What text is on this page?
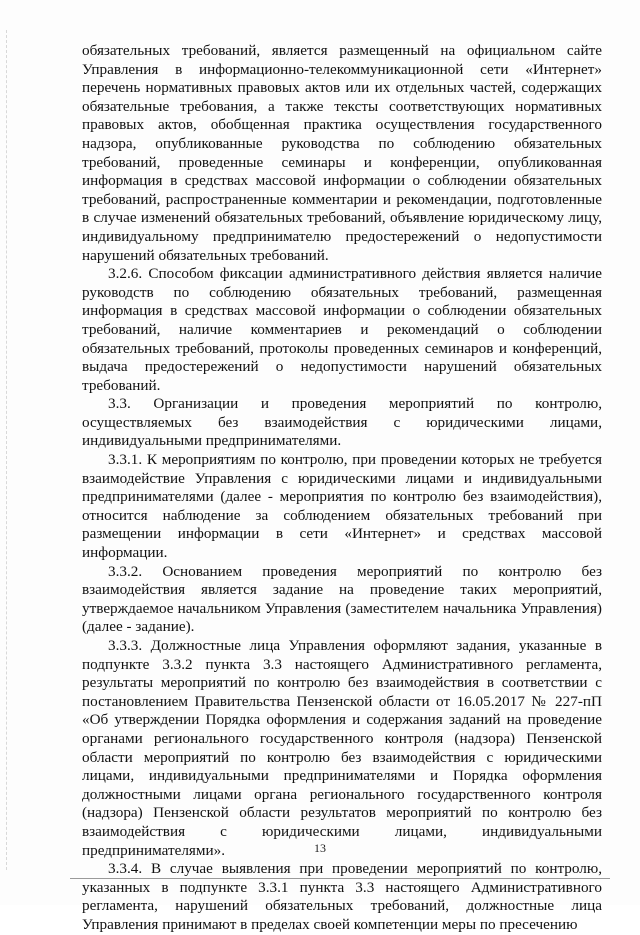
обязательных требований, является размещенный на официальном сайте Управления в информационно-телекоммуникационной сети «Интернет» перечень нормативных правовых актов или их отдельных частей, содержащих обязательные требования, а также тексты соответствующих нормативных правовых актов, обобщенная практика осуществления государственного надзора, опубликованные руководства по соблюдению обязательных требований, проведенные семинары и конференции, опубликованная информация в средствах массовой информации о соблюдении обязательных требований, распространенные комментарии и рекомендации, подготовленные в случае изменений обязательных требований, объявление юридическому лицу, индивидуальному предпринимателю предостережений о недопустимости нарушений обязательных требований.

3.2.6. Способом фиксации административного действия является наличие руководств по соблюдению обязательных требований, размещенная информация в средствах массовой информации о соблюдении обязательных требований, наличие комментариев и рекомендаций о соблюдении обязательных требований, протоколы проведенных семинаров и конференций, выдача предостережений о недопустимости нарушений обязательных требований.

3.3. Организации и проведения мероприятий по контролю, осуществляемых без взаимодействия с юридическими лицами, индивидуальными предпринимателями.

3.3.1. К мероприятиям по контролю, при проведении которых не требуется взаимодействие Управления с юридическими лицами и индивидуальными предпринимателями (далее - мероприятия по контролю без взаимодействия), относится наблюдение за соблюдением обязательных требований при размещении информации в сети «Интернет» и средствах массовой информации.

3.3.2. Основанием проведения мероприятий по контролю без взаимодействия является задание на проведение таких мероприятий, утверждаемое начальником Управления (заместителем начальника Управления) (далее - задание).

3.3.3. Должностные лица Управления оформляют задания, указанные в подпункте 3.3.2 пункта 3.3 настоящего Административного регламента, результаты мероприятий по контролю без взаимодействия в соответствии с постановлением Правительства Пензенской области от 16.05.2017 № 227-пП «Об утверждении Порядка оформления и содержания заданий на проведение органами регионального государственного контроля (надзора) Пензенской области мероприятий по контролю без взаимодействия с юридическими лицами, индивидуальными предпринимателями и Порядка оформления должностными лицами органа регионального государственного контроля (надзора) Пензенской области результатов мероприятий по контролю без взаимодействия с юридическими лицами, индивидуальными предпринимателями».

3.3.4. В случае выявления при проведении мероприятий по контролю, указанных в подпункте 3.3.1 пункта 3.3 настоящего Административного регламента, нарушений обязательных требований, должностные лица Управления принимают в пределах своей компетенции меры по пресечению

13
